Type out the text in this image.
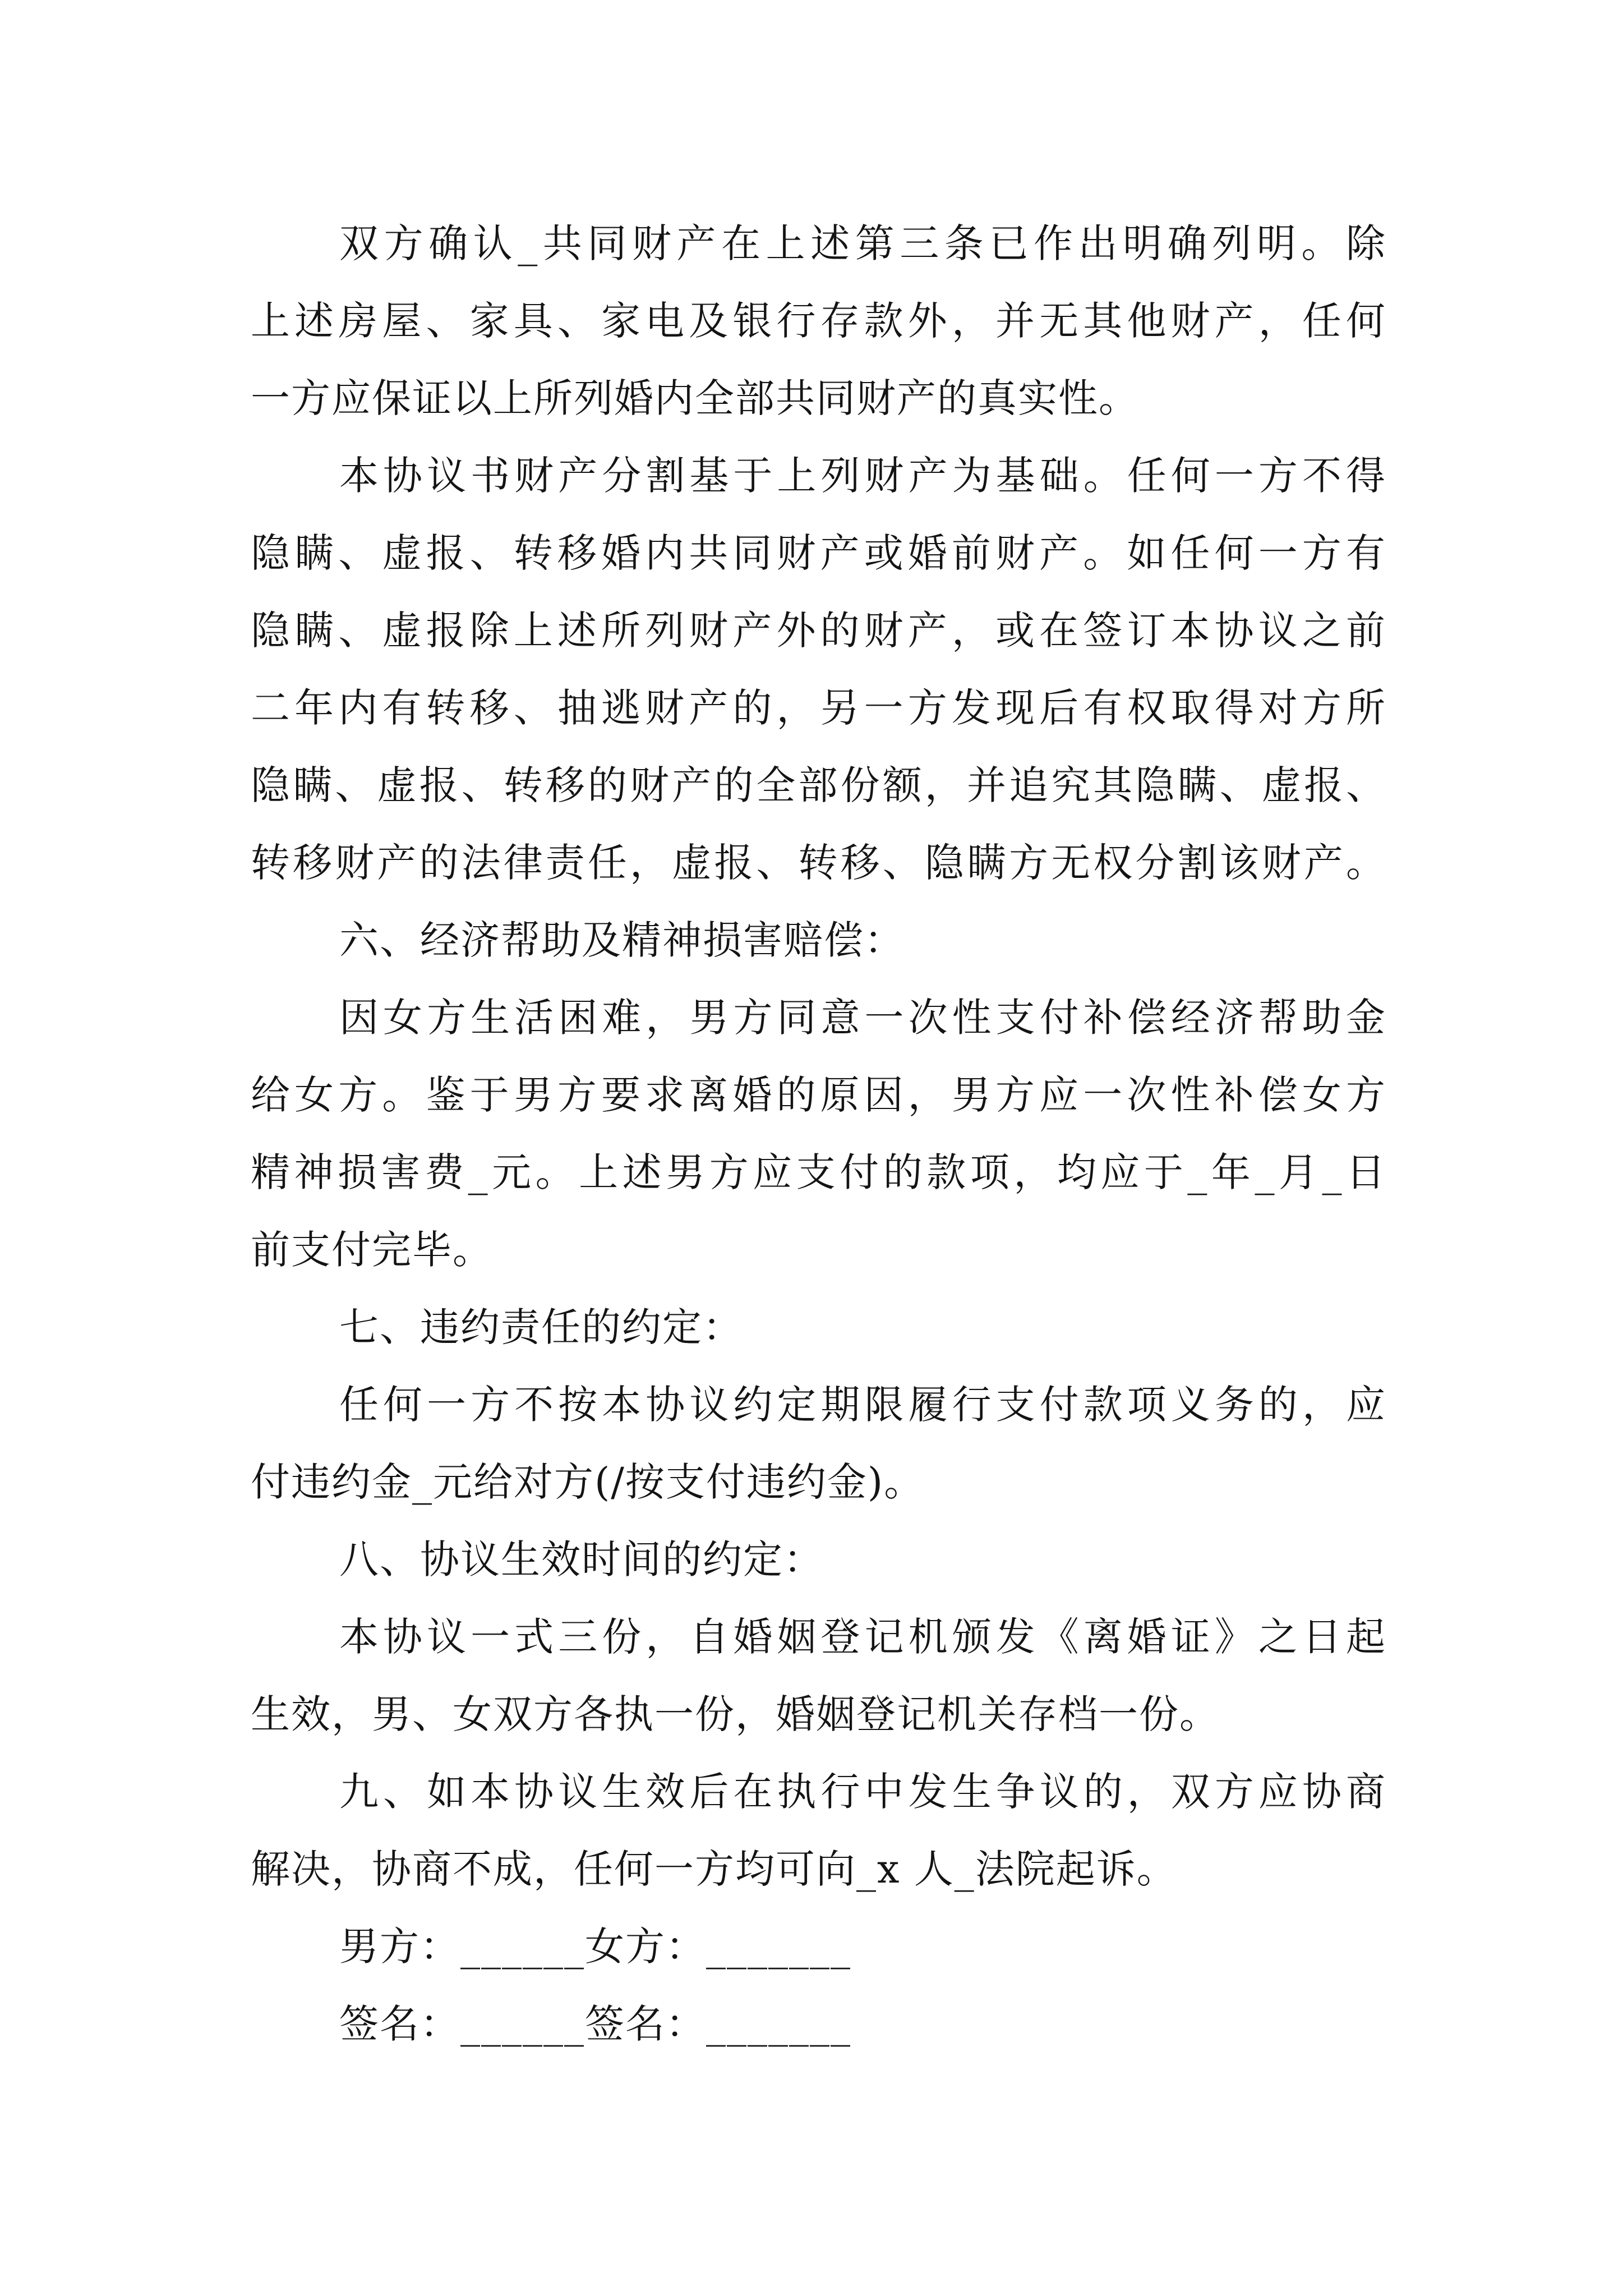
双方确认_共同财产在上述第三条已作出明确列明。除
上述房屋、家具、家电及银行存款外，并无其他财产，任何
一方应保证以上所列婚内全部共同财产的真实性。
本协议书财产分割基于上列财产为基础。任何一方不得
隐瞒、虚报、转移婚内共同财产或婚前财产。如任何一方有
隐瞒、虚报除上述所列财产外的财产，或在签订本协议之前
二年内有转移、抽逃财产的，另一方发现后有权取得对方所
隐瞒、虚报、转移的财产的全部份额，并追究其隐瞒、虚报、
转移财产的法律责任，虚报、转移、隐瞒方无权分割该财产。
六、经济帮助及精神损害赔偿：
因女方生活困难，男方同意一次性支付补偿经济帮助金
给女方。鉴于男方要求离婚的原因，男方应一次性补偿女方
精神损害费_元。上述男方应支付的款项，均应于_年_月_日
前支付完毕。
七、违约责任的约定：
任何一方不按本协议约定期限履行支付款项义务的，应
付违约金_元给对方(/按支付违约金)。
八、协议生效时间的约定：
本协议一式三份，自婚姻登记机颁发《离婚证》之日起
生效，男、女双方各执一份，婚姻登记机关存档一份。
九、如本协议生效后在执行中发生争议的，双方应协商
解决，协商不成，任何一方均可向_x 人_法院起诉。
男方：______女方：_______
签名：______签名：_______
